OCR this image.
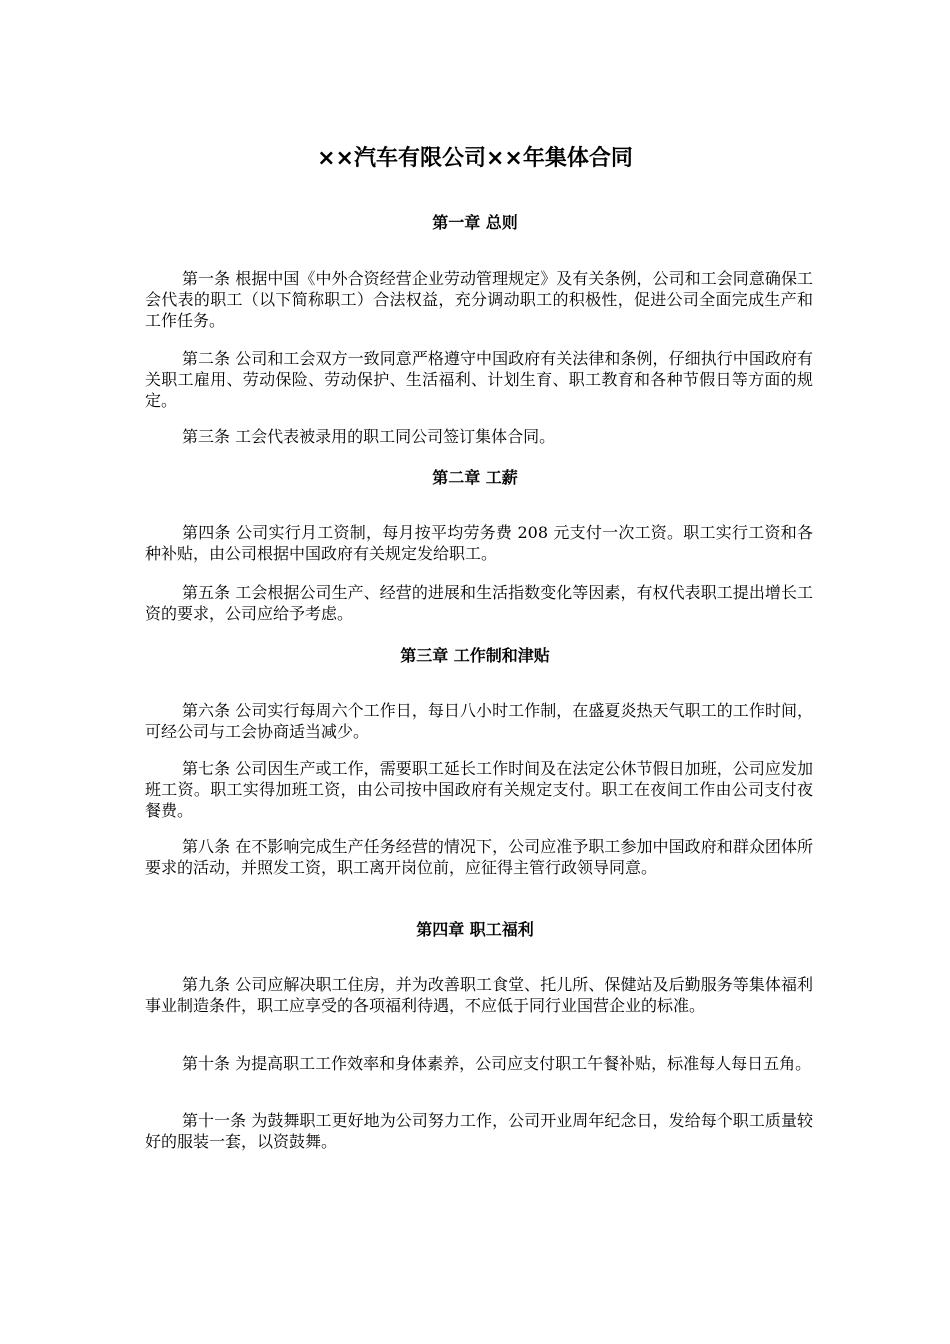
××汽车有限公司××年集体合同
第一章 总则

第一条 根据中国《中外合资经营企业劳动管理规定》及有关条例，公司和工会同意确保工会代表的职工（以下简称职工）合法权益，充分调动职工的积极性，促进公司全面完成生产和工作任务。

第二条 公司和工会双方一致同意严格遵守中国政府有关法律和条例，仔细执行中国政府有关职工雇用、劳动保险、劳动保护、生活福利、计划生育、职工教育和各种节假日等方面的规定。

第三条 工会代表被录用的职工同公司签订集体合同。

第二章 工薪

第四条 公司实行月工资制，每月按平均劳务费 208 元支付一次工资。职工实行工资和各种补贴，由公司根据中国政府有关规定发给职工。

第五条 工会根据公司生产、经营的进展和生活指数变化等因素，有权代表职工提出增长工资的要求，公司应给予考虑。

第三章 工作制和津贴

第六条 公司实行每周六个工作日，每日八小时工作制，在盛夏炎热天气职工的工作时间，可经公司与工会协商适当减少。

第七条 公司因生产或工作，需要职工延长工作时间及在法定公休节假日加班，公司应发加班工资。职工实得加班工资，由公司按中国政府有关规定支付。职工在夜间工作由公司支付夜餐费。

第八条 在不影响完成生产任务经营的情况下，公司应准予职工参加中国政府和群众团体所要求的活动，并照发工资，职工离开岗位前，应征得主管行政领导同意。

第四章 职工福利

第九条 公司应解决职工住房，并为改善职工食堂、托儿所、保健站及后勤服务等集体福利事业制造条件，职工应享受的各项福利待遇，不应低于同行业国营企业的标准。

第十条 为提高职工工作效率和身体素养，公司应支付职工午餐补贴，标准每人每日五角。

第十一条 为鼓舞职工更好地为公司努力工作，公司开业周年纪念日，发给每个职工质量较好的服装一套，以资鼓舞。
